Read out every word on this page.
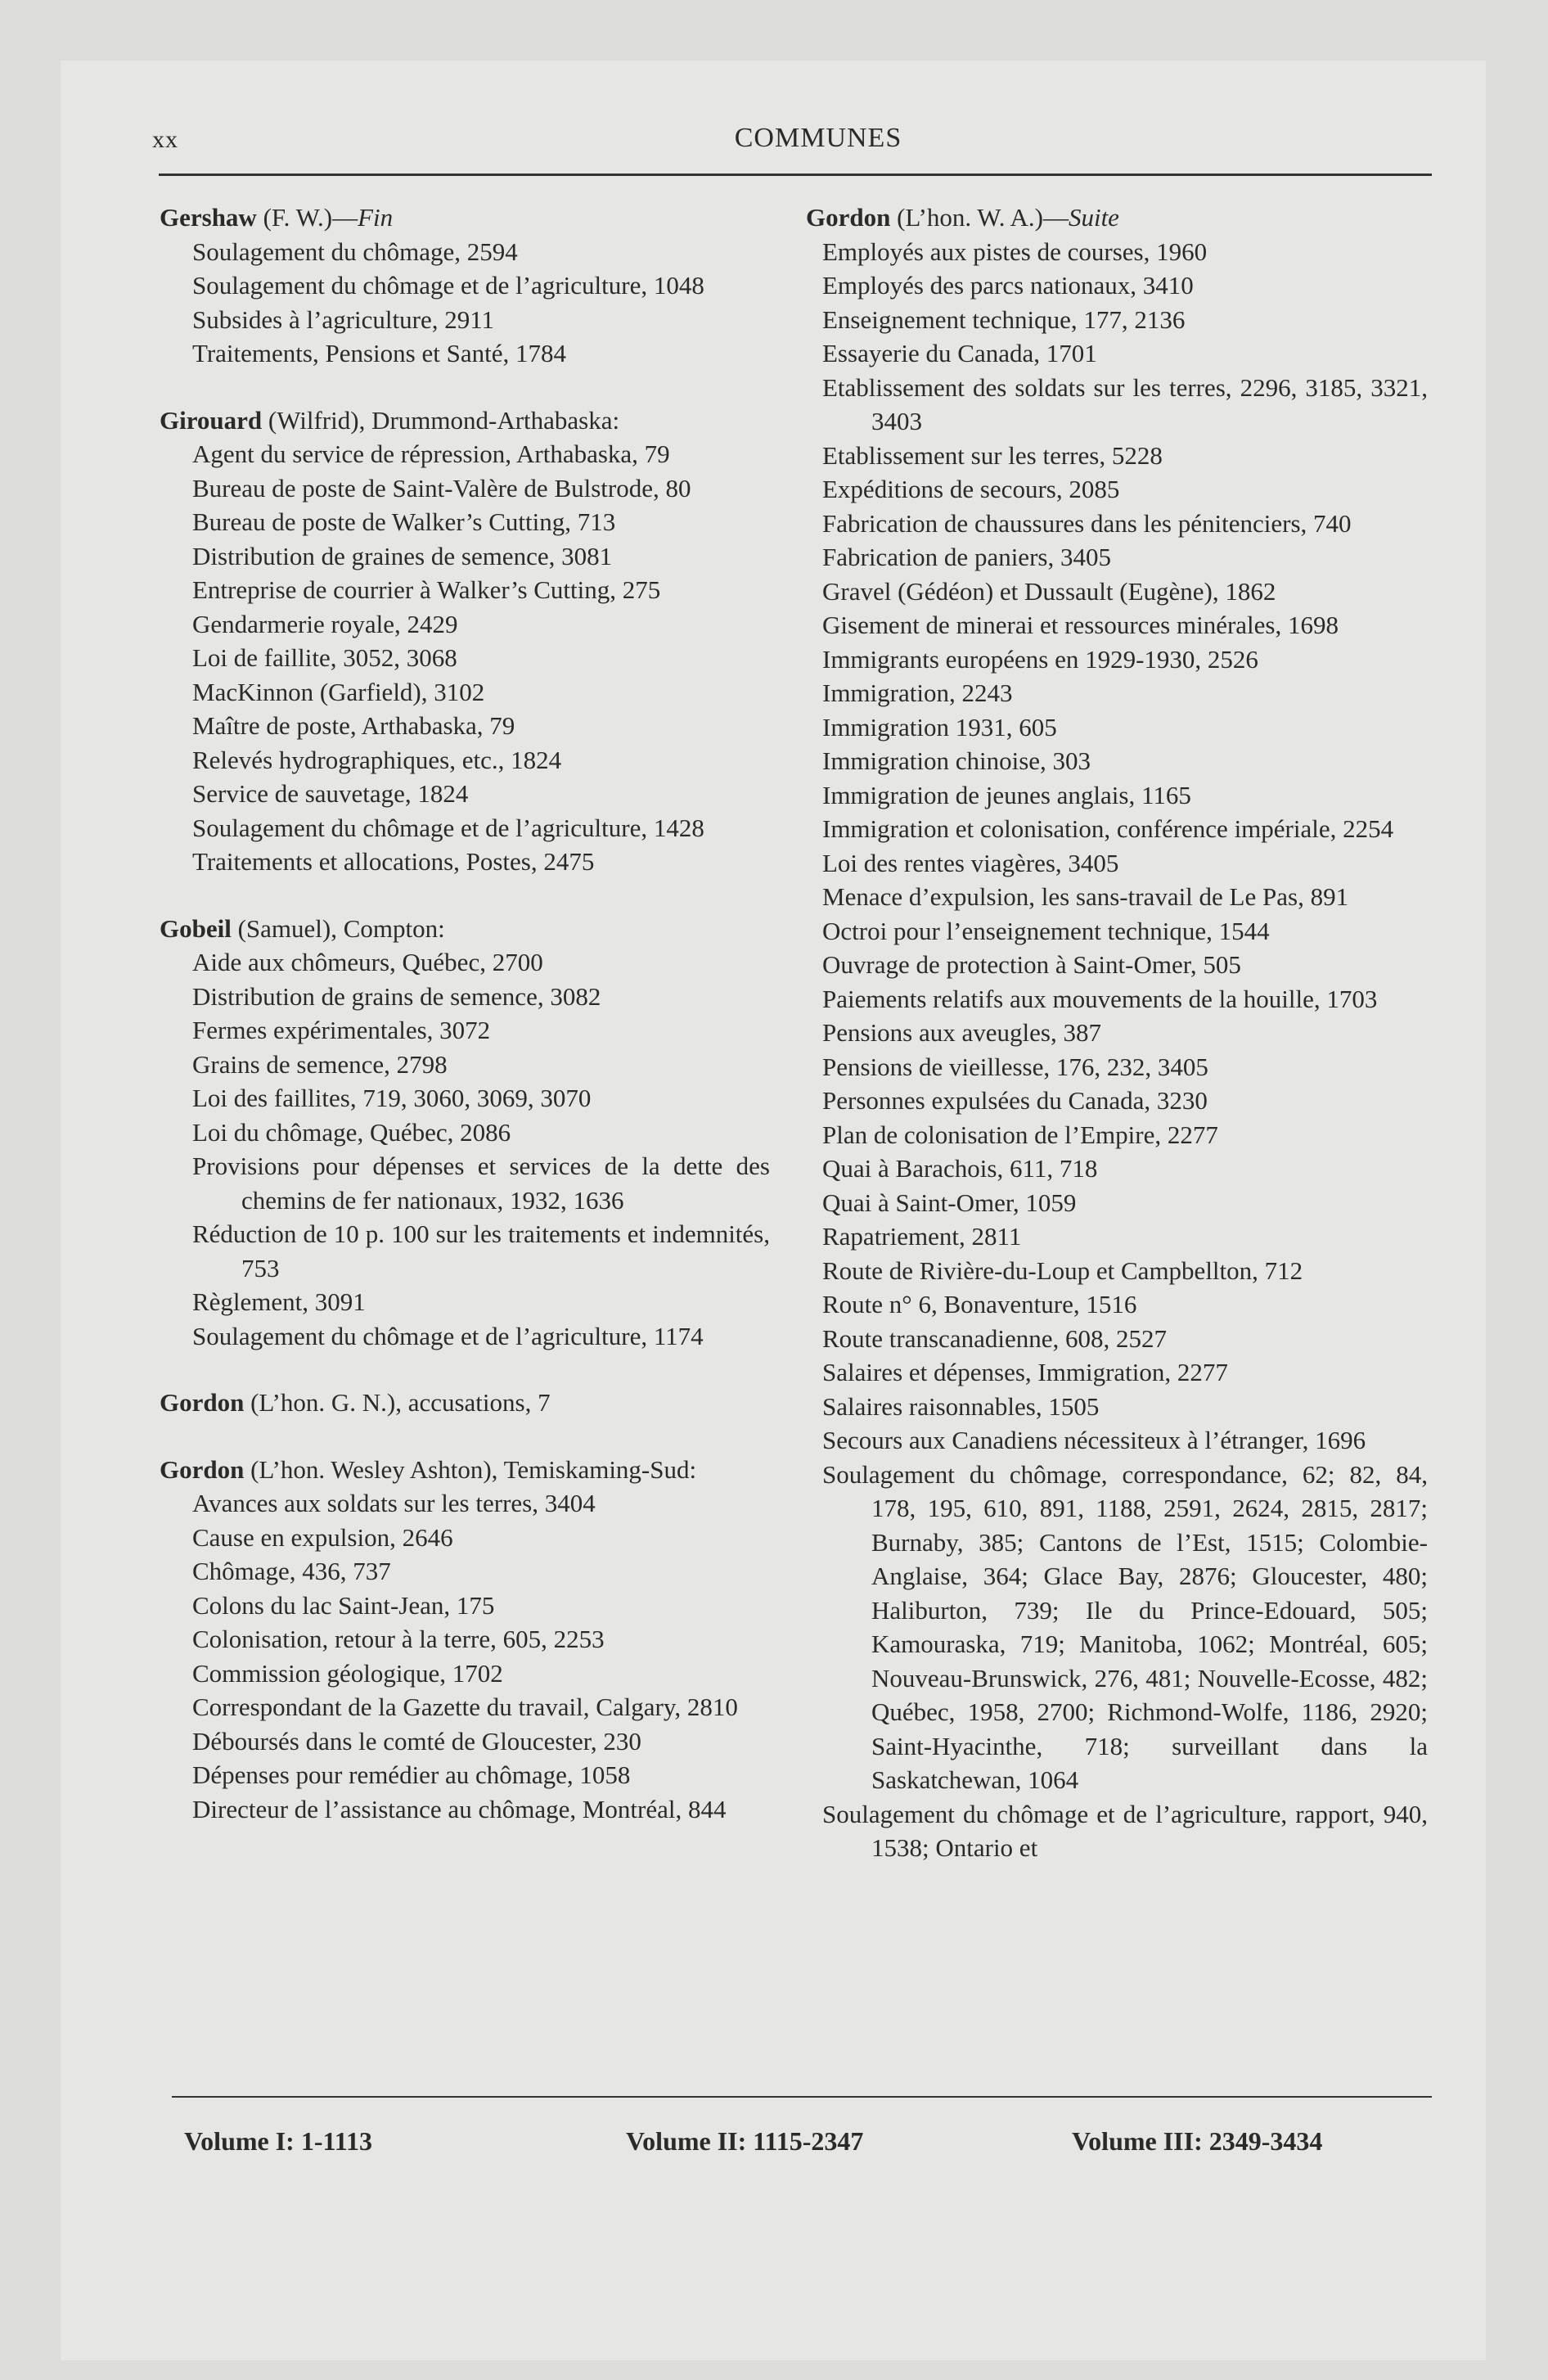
xx	COMMUNES
Gershaw (F. W.)—Fin
Soulagement du chômage, 2594
Soulagement du chômage et de l’agriculture, 1048
Subsides à l’agriculture, 2911
Traitements, Pensions et Santé, 1784
Girouard (Wilfrid), Drummond-Arthabaska:
Agent du service de répression, Arthabaska, 79
Bureau de poste de Saint-Valère de Bulstrode, 80
Bureau de poste de Walker’s Cutting, 713
Distribution de graines de semence, 3081
Entreprise de courrier à Walker’s Cutting, 275
Gendarmerie royale, 2429
Loi de faillite, 3052, 3068
MacKinnon (Garfield), 3102
Maître de poste, Arthabaska, 79
Relevés hydrographiques, etc., 1824
Service de sauvetage, 1824
Soulagement du chômage et de l’agriculture, 1428
Traitements et allocations, Postes, 2475
Gobeil (Samuel), Compton:
Aide aux chômeurs, Québec, 2700
Distribution de grains de semence, 3082
Fermes expérimentales, 3072
Grains de semence, 2798
Loi des faillites, 719, 3060, 3069, 3070
Loi du chômage, Québec, 2086
Provisions pour dépenses et services de la dette des chemins de fer nationaux, 1932, 1636
Réduction de 10 p. 100 sur les traitements et indemnités, 753
Règlement, 3091
Soulagement du chômage et de l’agriculture, 1174
Gordon (L’hon. G. N.), accusations, 7
Gordon (L’hon. Wesley Ashton), Temiskaming-Sud:
Avances aux soldats sur les terres, 3404
Cause en expulsion, 2646
Chômage, 436, 737
Colons du lac Saint-Jean, 175
Colonisation, retour à la terre, 605, 2253
Commission géologique, 1702
Correspondant de la Gazette du travail, Calgary, 2810
Déboursés dans le comté de Gloucester, 230
Dépenses pour remédier au chômage, 1058
Directeur de l’assistance au chômage, Montréal, 844
Gordon (L’hon. W. A.)—Suite
Employés aux pistes de courses, 1960
Employés des parcs nationaux, 3410
Enseignement technique, 177, 2136
Essayerie du Canada, 1701
Etablissement des soldats sur les terres, 2296, 3185, 3321, 3403
Etablissement sur les terres, 5228
Expéditions de secours, 2085
Fabrication de chaussures dans les pénitenciers, 740
Fabrication de paniers, 3405
Gravel (Gédéon) et Dussault (Eugène), 1862
Gisement de minerai et ressources minérales, 1698
Immigrants européens en 1929-1930, 2526
Immigration, 2243
Immigration 1931, 605
Immigration chinoise, 303
Immigration de jeunes anglais, 1165
Immigration et colonisation, conférence impériale, 2254
Loi des rentes viagères, 3405
Menace d’expulsion, les sans-travail de Le Pas, 891
Octroi pour l’enseignement technique, 1544
Ouvrage de protection à Saint-Omer, 505
Paiements relatifs aux mouvements de la houille, 1703
Pensions aux aveugles, 387
Pensions de vieillesse, 176, 232, 3405
Personnes expulsées du Canada, 3230
Plan de colonisation de l’Empire, 2277
Quai à Barachois, 611, 718
Quai à Saint-Omer, 1059
Rapatriement, 2811
Route de Rivière-du-Loup et Campbellton, 712
Route n° 6, Bonaventure, 1516
Route transcanadienne, 608, 2527
Salaires et dépenses, Immigration, 2277
Salaires raisonnables, 1505
Secours aux Canadiens nécessiteux à l’étranger, 1696
Soulagement du chômage, correspondance, 62; 82, 84, 178, 195, 610, 891, 1188, 2591, 2624, 2815, 2817; Burnaby, 385; Cantons de l’Est, 1515; Colombie-Anglaise, 364; Glace Bay, 2876; Gloucester, 480; Haliburton, 739; Ile du Prince-Edouard, 505; Kamouraska, 719; Manitoba, 1062; Montréal, 605; Nouveau-Brunswick, 276, 481; Nouvelle-Ecosse, 482; Québec, 1958, 2700; Richmond-Wolfe, 1186, 2920; Saint-Hyacinthe, 718; surveillant dans la Saskatchewan, 1064
Soulagement du chômage et de l’agriculture, rapport, 940, 1538; Ontario et
Volume I: 1-1113	Volume II: 1115-2347	Volume III: 2349-3434
